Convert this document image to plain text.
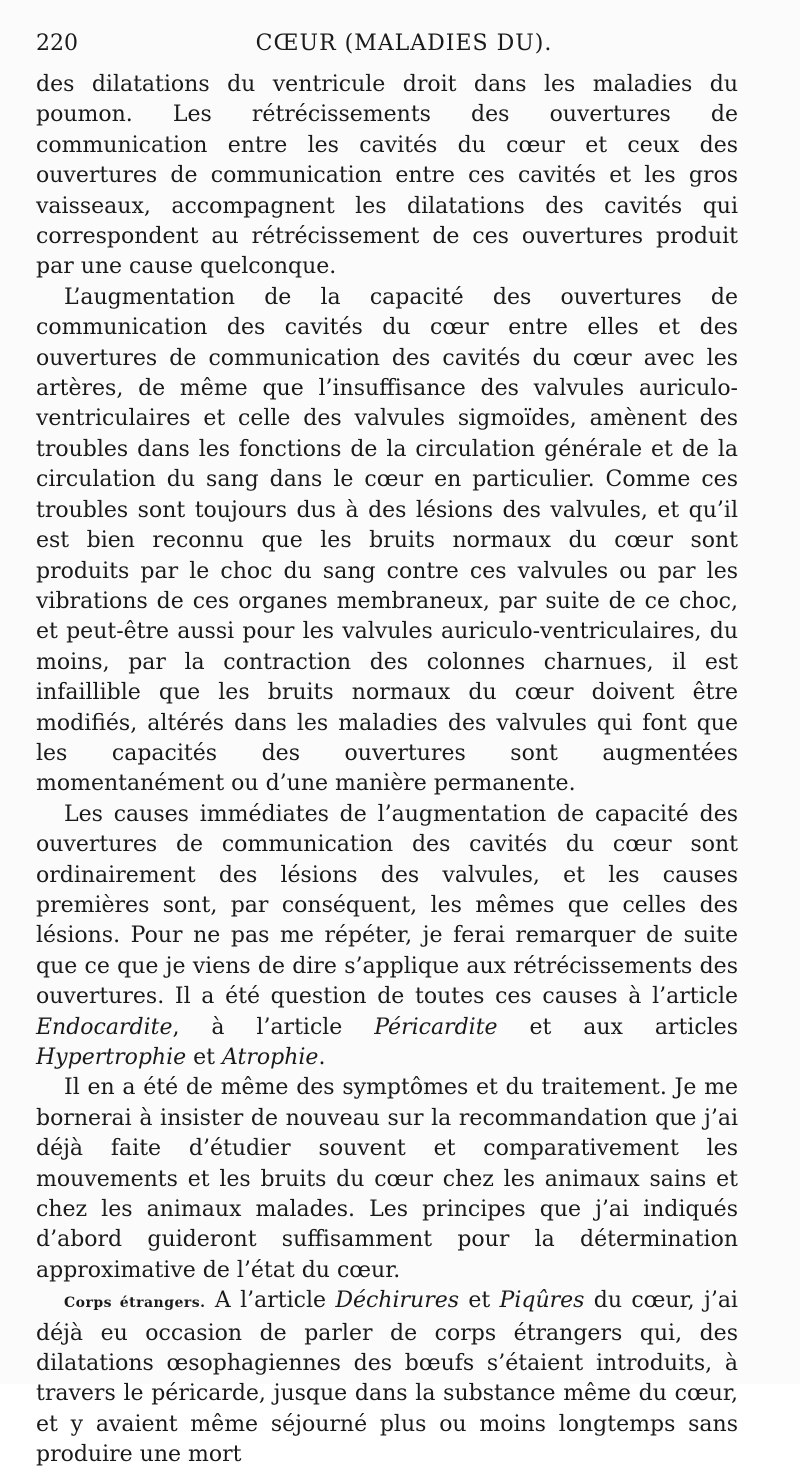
220	CŒUR (MALADIES DU).

des dilatations du ventricule droit dans les maladies du poumon. Les rétrécissements des ouvertures de communication entre les cavités du cœur et ceux des ouvertures de communication entre ces cavités et les gros vaisseaux, accompagnent les dilatations des cavités qui correspondent au rétrécissement de ces ouvertures produit par une cause quelconque.

L’augmentation de la capacité des ouvertures de communication des cavités du cœur entre elles et des ouvertures de communication des cavités du cœur avec les artères, de même que l’insuffisance des valvules auriculo-ventriculaires et celle des valvules sigmoïdes, amènent des troubles dans les fonctions de la circulation générale et de la circulation du sang dans le cœur en particulier. Comme ces troubles sont toujours dus à des lésions des valvules, et qu’il est bien reconnu que les bruits normaux du cœur sont produits par le choc du sang contre ces valvules ou par les vibrations de ces organes membraneux, par suite de ce choc, et peut-être aussi pour les valvules auriculo-ventriculaires, du moins, par la contraction des colonnes charnues, il est infaillible que les bruits normaux du cœur doivent être modifiés, altérés dans les maladies des valvules qui font que les capacités des ouvertures sont augmentées momentanément ou d’une manière permanente.

Les causes immédiates de l’augmentation de capacité des ouvertures de communication des cavités du cœur sont ordinairement des lésions des valvules, et les causes premières sont, par conséquent, les mêmes que celles des lésions. Pour ne pas me répéter, je ferai remarquer de suite que ce que je viens de dire s’applique aux rétrécissements des ouvertures. Il a été question de toutes ces causes à l’article Endocardite, à l’article Péricardite et aux articles Hypertrophie et Atrophie.

Il en a été de même des symptômes et du traitement. Je me bornerai à insister de nouveau sur la recommandation que j’ai déjà faite d’étudier souvent et comparativement les mouvements et les bruits du cœur chez les animaux sains et chez les animaux malades. Les principes que j’ai indiqués d’abord guideront suffisamment pour la détermination approximative de l’état du cœur.

Corps étrangers. A l’article Déchirures et Piqûres du cœur, j’ai déjà eu occasion de parler de corps étrangers qui, des dilatations œsophagiennes des bœufs s’étaient introduits, à travers le péricarde, jusque dans la substance même du cœur, et y avaient même séjourné plus ou moins longtemps sans produire une mort
